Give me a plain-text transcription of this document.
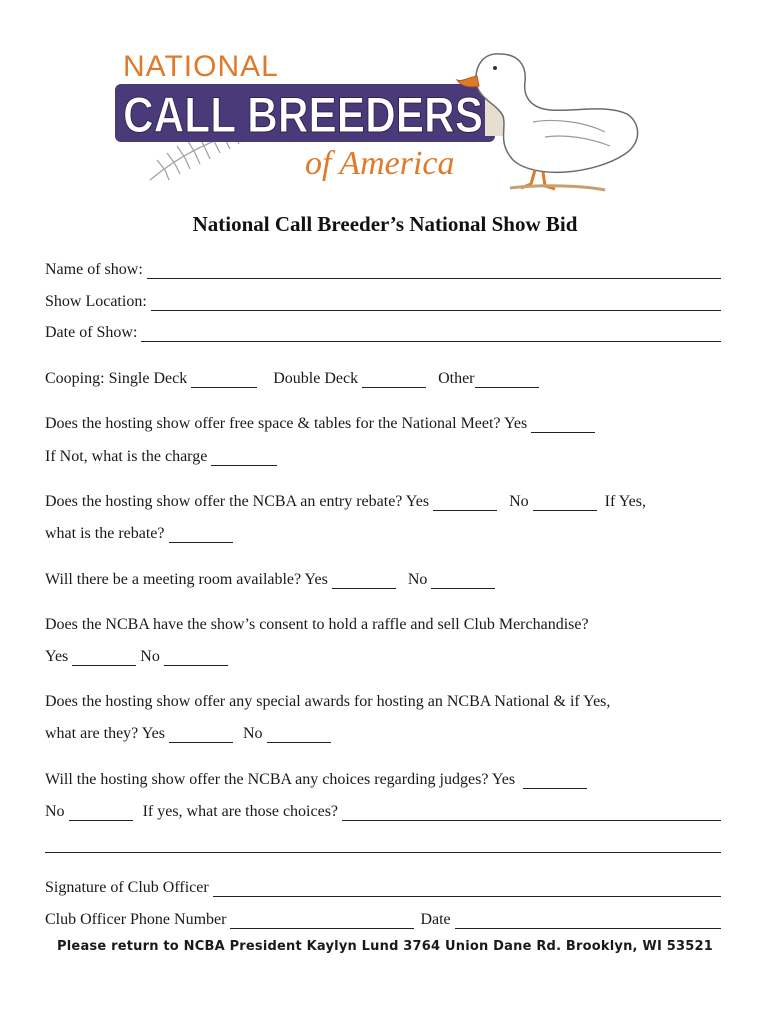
NATIONAL
CALL BREEDERS
of America
National Call Breeder’s National Show Bid
Name of show:
Show Location:
Date of Show:
Cooping: Single Deck	Double Deck	Other
Does the hosting show offer free space & tables for the National Meet? Yes
If Not, what is the charge
Does the hosting show offer the NCBA an entry rebate? Yes	No	If Yes,
what is the rebate?
Will there be a meeting room available? Yes	No
Does the NCBA have the show’s consent to hold a raffle and sell Club Merchandise?
Yes	No
Does the hosting show offer any special awards for hosting an NCBA National & if Yes,
what are they? Yes	No
Will the hosting show offer the NCBA any choices regarding judges? Yes
No	If yes, what are those choices?
Signature of Club Officer
Club Officer Phone Number	Date
Please return to NCBA President Kaylyn Lund 3764 Union Dane Rd. Brooklyn, WI 53521
